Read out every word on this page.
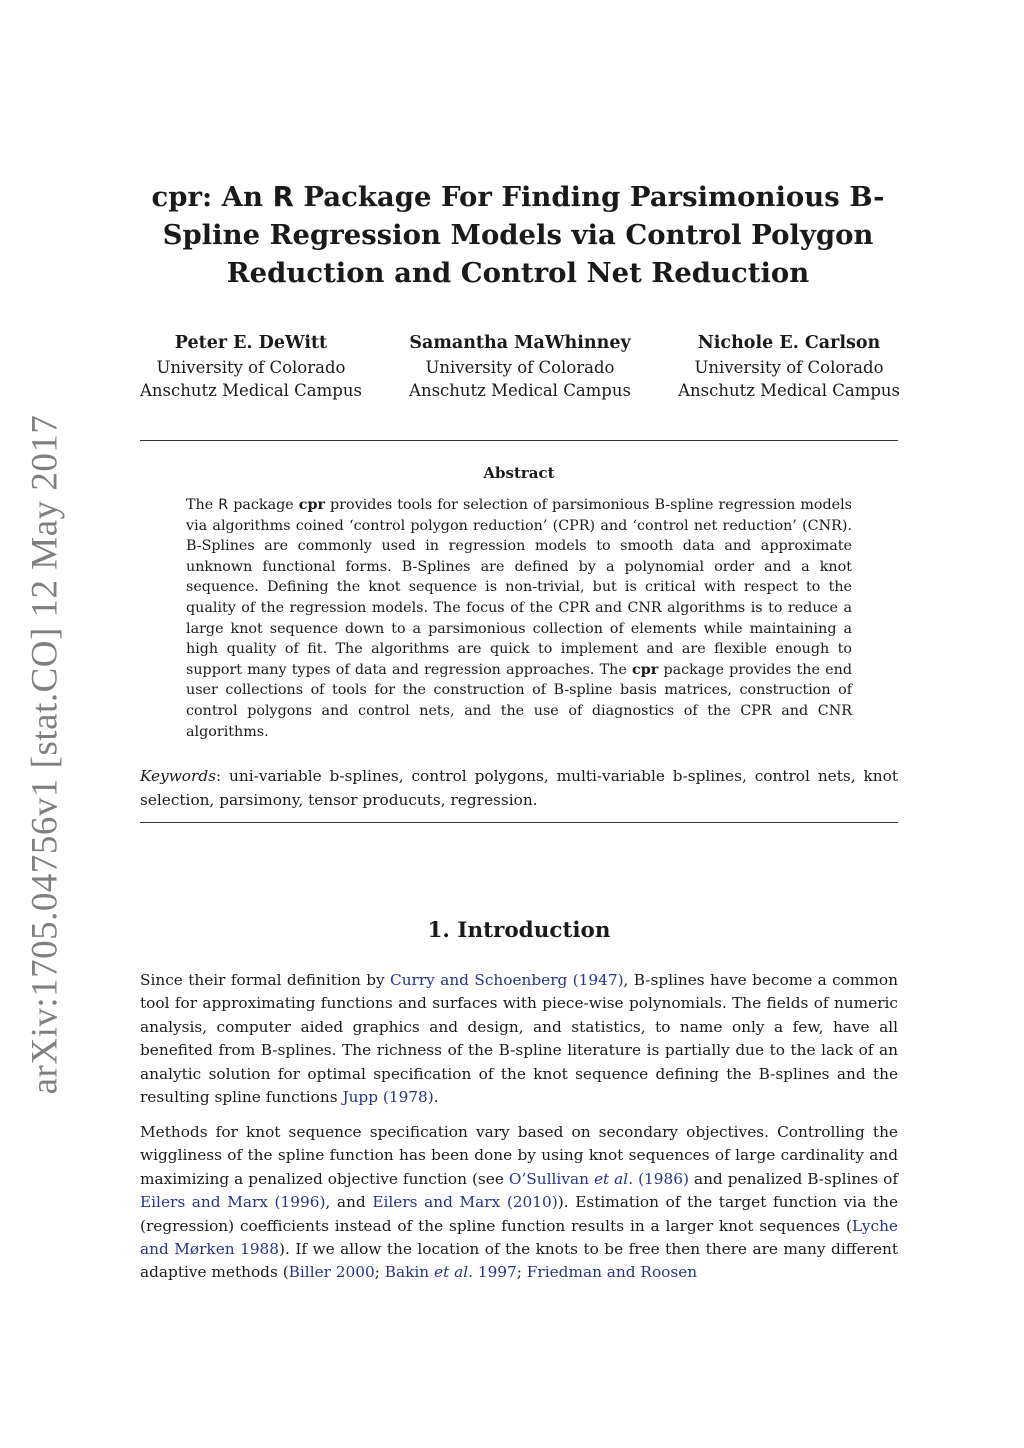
arXiv:1705.04756v1 [stat.CO] 12 May 2017
cpr: An R Package For Finding Parsimonious B-Spline Regression Models via Control Polygon Reduction and Control Net Reduction
Peter E. DeWitt
University of Colorado
Anschutz Medical Campus
Samantha MaWhinney
University of Colorado
Anschutz Medical Campus
Nichole E. Carlson
University of Colorado
Anschutz Medical Campus
Abstract

The R package cpr provides tools for selection of parsimonious B-spline regression models via algorithms coined ‘control polygon reduction’ (CPR) and ‘control net reduction’ (CNR). B-Splines are commonly used in regression models to smooth data and approximate unknown functional forms. B-Splines are defined by a polynomial order and a knot sequence. Defining the knot sequence is non-trivial, but is critical with respect to the quality of the regression models. The focus of the CPR and CNR algorithms is to reduce a large knot sequence down to a parsimonious collection of elements while maintaining a high quality of fit. The algorithms are quick to implement and are flexible enough to support many types of data and regression approaches. The cpr package provides the end user collections of tools for the construction of B-spline basis matrices, construction of control polygons and control nets, and the use of diagnostics of the CPR and CNR algorithms.

Keywords: uni-variable b-splines, control polygons, multi-variable b-splines, control nets, knot selection, parsimony, tensor producuts, regression.

1. Introduction

Since their formal definition by Curry and Schoenberg (1947), B-splines have become a common tool for approximating functions and surfaces with piece-wise polynomials. The fields of numeric analysis, computer aided graphics and design, and statistics, to name only a few, have all benefited from B-splines. The richness of the B-spline literature is partially due to the lack of an analytic solution for optimal specification of the knot sequence defining the B-splines and the resulting spline functions Jupp (1978).

Methods for knot sequence specification vary based on secondary objectives. Controlling the wiggliness of the spline function has been done by using knot sequences of large cardinality and maximizing a penalized objective function (see O’Sullivan et al. (1986) and penalized B-splines of Eilers and Marx (1996), and Eilers and Marx (2010)). Estimation of the target function via the (regression) coefficients instead of the spline function results in a larger knot sequences (Lyche and Mørken 1988). If we allow the location of the knots to be free then there are many different adaptive methods (Biller 2000; Bakin et al. 1997; Friedman and Roosen
